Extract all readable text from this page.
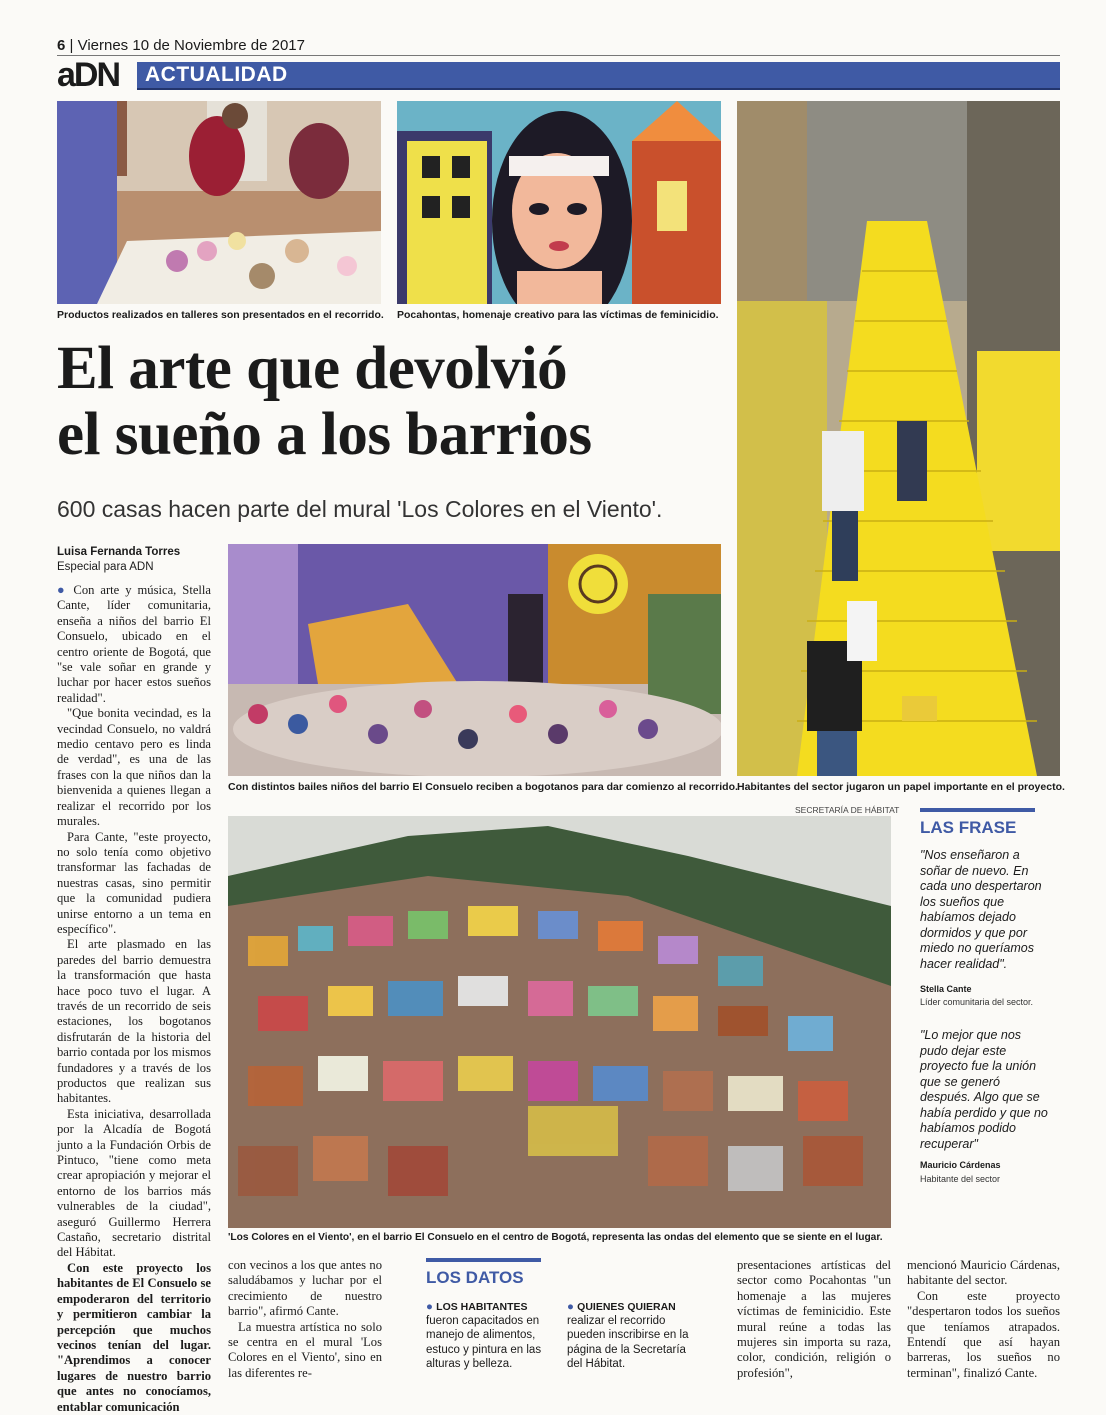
6 | Viernes 10 de Noviembre de 2017
aDN	ACTUALIDAD
Productos realizados en talleres son presentados en el recorrido. Pocahontas, homenaje creativo para las víctimas de feminicidio.
Habitantes del sector jugaron un papel importante en el proyecto.
El arte que devolvió
el sueño a los barrios
600 casas hacen parte del mural 'Los Colores en el Viento'.
Luisa Fernanda Torres
Especial para ADN
Con distintos bailes niños del barrio El Consuelo reciben a bogotanos para dar comienzo al recorrido.
SECRETARÍA DE HÁBITAT
'Los Colores en el Viento', en el barrio El Consuelo en el centro de Bogotá, representa las ondas del elemento que se siente en el lugar.

● Con arte y música, Stella Cante, líder comunitaria, enseña a niños del barrio El Consuelo, ubicado en el centro oriente de Bogotá, que "se vale soñar en grande y luchar por hacer estos sueños realidad".

"Que bonita vecindad, es la vecindad Consuelo, no valdrá medio centavo pero es linda de verdad", es una de las frases con la que niños dan la bienvenida a quienes llegan a realizar el recorrido por los murales.

Para Cante, "este proyecto, no solo tenía como objetivo transformar las fachadas de nuestras casas, sino permitir que la comunidad pudiera unirse entorno a un tema en específico".

El arte plasmado en las paredes del barrio demuestra la transformación que hasta hace poco tuvo el lugar. A través de un recorrido de seis estaciones, los bogotanos disfrutarán de la historia del barrio contada por los mismos fundadores y a través de los productos que realizan sus habitantes.

Esta iniciativa, desarrollada por la Alcadía de Bogotá junto a la Fundación Orbis de Pintuco, "tiene como meta crear apropiación y mejorar el entorno de los barrios más vulnerables de la ciudad", aseguró Guillermo Herrera Castaño, secretario distrital del Hábitat.

Con este proyecto los habitantes de El Consuelo se empoderaron del territorio y permitieron cambiar la percepción que muchos vecinos tenían del lugar. "Aprendimos a conocer lugares de nuestro barrio que antes no conocíamos, entablar comunicación

con vecinos a los que antes no saludábamos y luchar por el crecimiento de nuestro barrio", afirmó Cante.

La muestra artística no solo se centra en el mural 'Los Colores en el Viento', sino en las diferentes re-

LOS DATOS
● LOS HABITANTES fueron capacitados en manejo de alimentos, estuco y pintura en las alturas y belleza.
● QUIENES QUIERAN realizar el recorrido pueden inscribirse en la página de la Secretaría del Hábitat.

presentaciones artísticas del sector como Pocahontas "un homenaje a las mujeres víctimas de feminicidio. Este mural reúne a todas las mujeres sin importa su raza, color, condición, religión o profesión",

mencionó Mauricio Cárdenas, habitante del sector.

Con este proyecto "despertaron todos los sueños que teníamos atrapados. Entendí que así hayan barreras, los sueños no terminan", finalizó Cante.

LAS FRASE
"Nos enseñaron a soñar de nuevo. En cada uno despertaron los sueños que habíamos dejado dormidos y que por miedo no queríamos hacer realidad".
Stella Cante
Líder comunitaria del sector.
"Lo mejor que nos pudo dejar este proyecto fue la unión que se generó después. Algo que se había perdido y que no habíamos podido recuperar"
Mauricio Cárdenas
Habitante del sector
